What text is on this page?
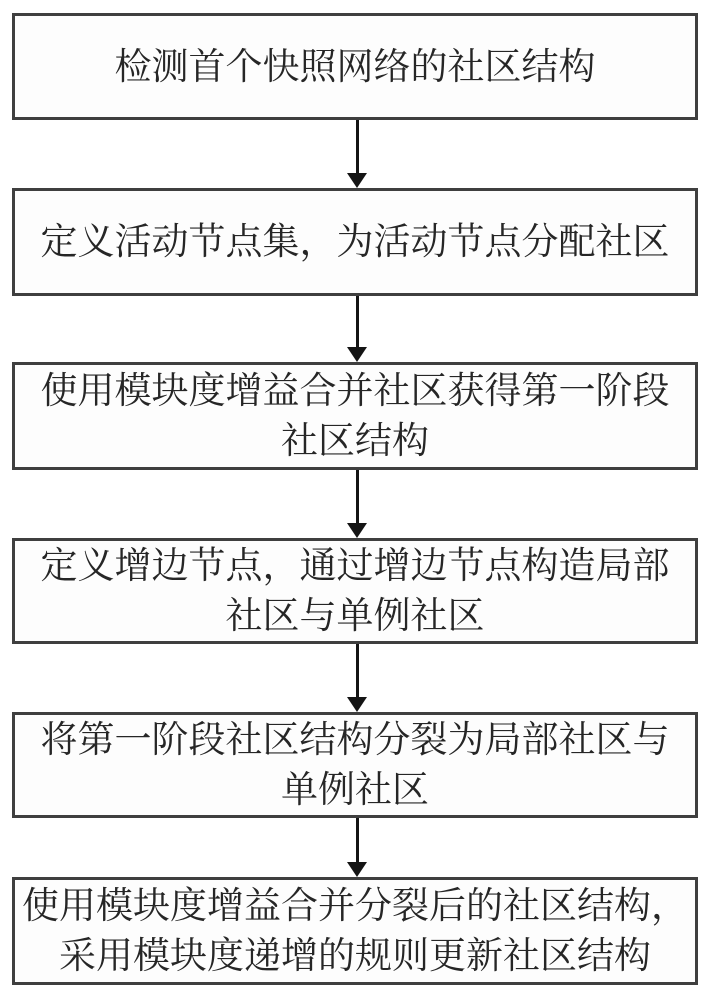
检测首个快照网络的社区结构
定义活动节点集，为活动节点分配社区
使用模块度增益合并社区获得第一阶段
社区结构
定义增边节点，通过增边节点构造局部
社区与单例社区
将第一阶段社区结构分裂为局部社区与
单例社区
使用模块度增益合并分裂后的社区结构，
采用模块度递增的规则更新社区结构
